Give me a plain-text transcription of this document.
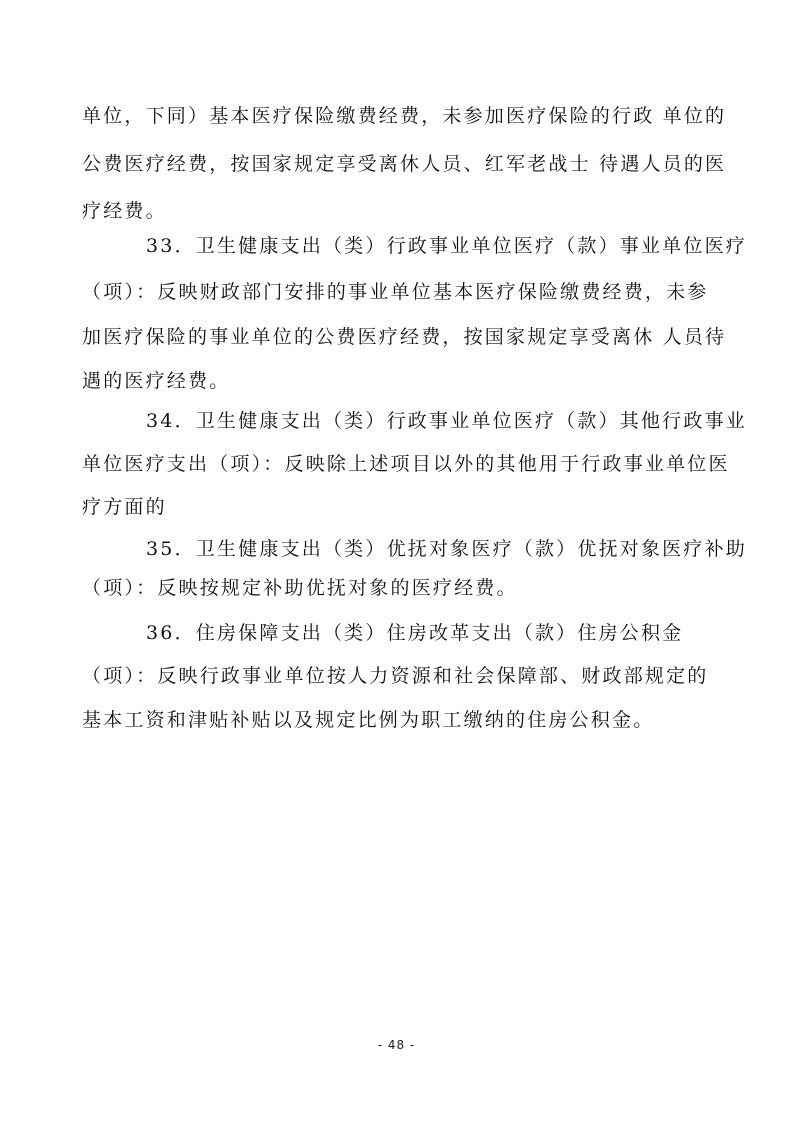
单位，下同）基本医疗保险缴费经费，未参加医疗保险的行政 单位的
公费医疗经费，按国家规定享受离休人员、红军老战士 待遇人员的医
疗经费。
33．卫生健康支出（类）行政事业单位医疗（款）事业单位医疗
（项）：反映财政部门安排的事业单位基本医疗保险缴费经费，未参
加医疗保险的事业单位的公费医疗经费，按国家规定享受离休 人员待
遇的医疗经费。
34．卫生健康支出（类）行政事业单位医疗（款）其他行政事业
单位医疗支出（项）：反映除上述项目以外的其他用于行政事业单位医
疗方面的
35．卫生健康支出（类）优抚对象医疗（款）优抚对象医疗补助
（项）：反映按规定补助优抚对象的医疗经费。
36．住房保障支出（类）住房改革支出（款）住房公积金
（项）：反映行政事业单位按人力资源和社会保障部、财政部规定的
基本工资和津贴补贴以及规定比例为职工缴纳的住房公积金。
- 48 -
